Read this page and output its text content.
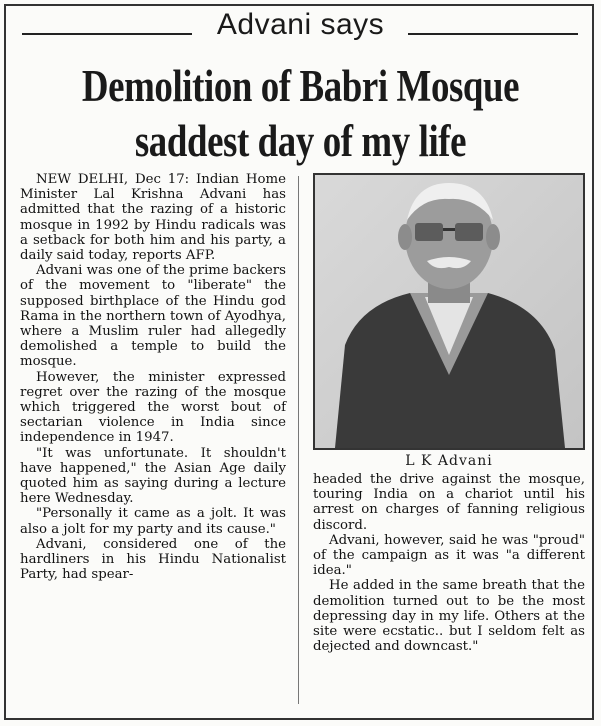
Advani says
Demolition of Babri Mosque
saddest day of my life

NEW DELHI, Dec 17: Indian Home Minister Lal Krishna Advani has admitted that the razing of a historic mosque in 1992 by Hindu radicals was a setback for both him and his party, a daily said today, reports AFP.

Advani was one of the prime backers of the movement to "liberate" the supposed birthplace of the Hindu god Rama in the northern town of Ayodhya, where a Muslim ruler had allegedly demolished a temple to build the mosque.

However, the minister expressed regret over the razing of the mosque which triggered the worst bout of sectarian violence in India since independence in 1947.

"It was unfortunate. It shouldn't have happened," the Asian Age daily quoted him as saying during a lecture here Wednesday.

"Personally it came as a jolt. It was also a jolt for my party and its cause."

Advani, considered one of the hardliners in his Hindu Nationalist Party, had spear-

L K Advani

headed the drive against the mosque, touring India on a chariot until his arrest on charges of fanning religious discord.

Advani, however, said he was "proud" of the campaign as it was "a different idea."

He added in the same breath that the demolition turned out to be the most depressing day in my life. Others at the site were ecstatic.. but I seldom felt as dejected and downcast."
